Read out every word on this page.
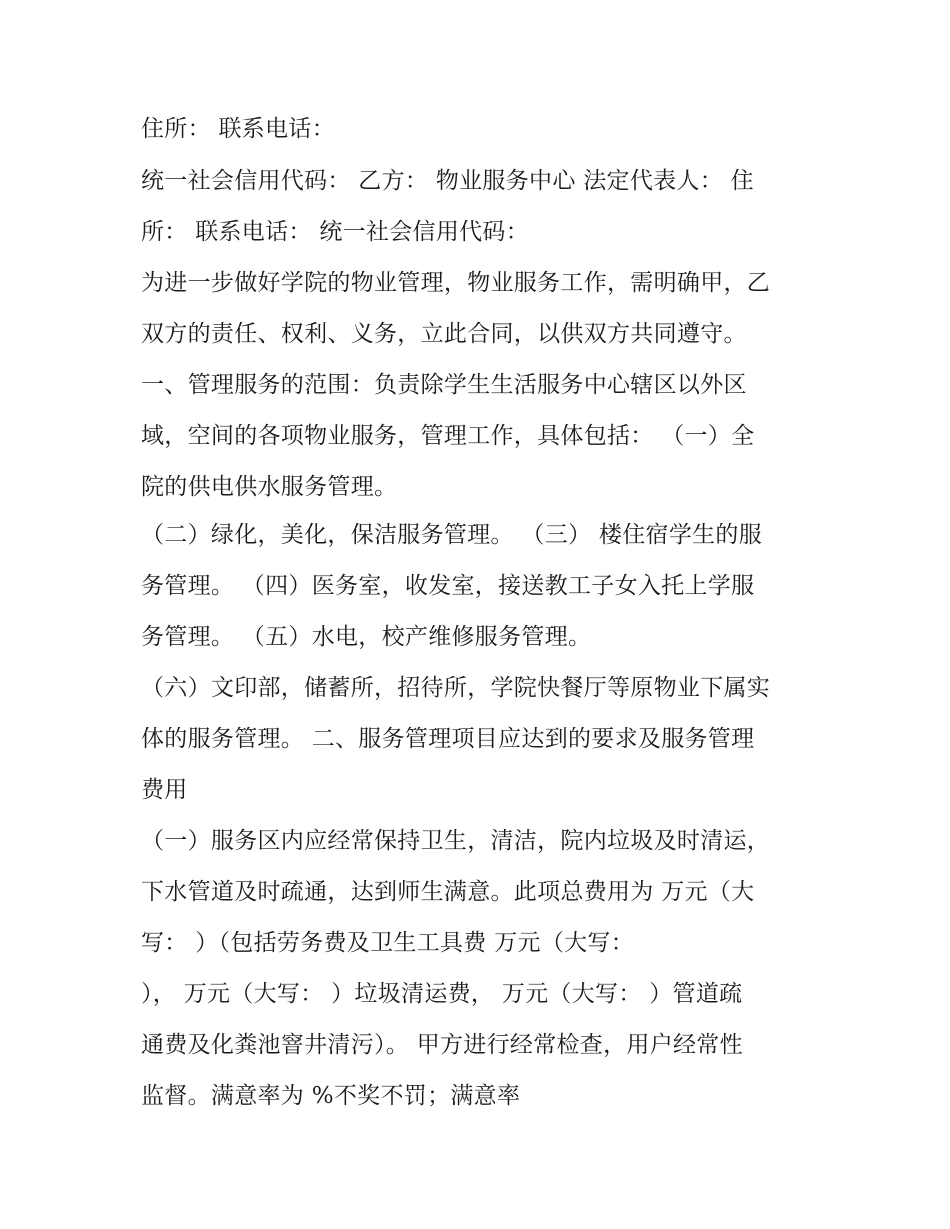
住所： 联系电话：

统一社会信用代码： 乙方： 物业服务中心 法定代表人： 住

所： 联系电话： 统一社会信用代码：

为进一步做好学院的物业管理，物业服务工作，需明确甲，乙

双方的责任、权利、义务，立此合同，以供双方共同遵守。

一、管理服务的范围：负责除学生生活服务中心辖区以外区

域，空间的各项物业服务，管理工作，具体包括： （一）全

院的供电供水服务管理。

（二）绿化，美化，保洁服务管理。 （三） 楼住宿学生的服

务管理。 （四）医务室，收发室，接送教工子女入托上学服

务管理。 （五）水电，校产维修服务管理。

（六）文印部，储蓄所，招待所，学院快餐厅等原物业下属实

体的服务管理。 二、服务管理项目应达到的要求及服务管理

费用

（一）服务区内应经常保持卫生，清洁，院内垃圾及时清运，

下水管道及时疏通，达到师生满意。此项总费用为 万元（大

写： ）（包括劳务费及卫生工具费 万元（大写：

）， 万元（大写： ）垃圾清运费， 万元（大写： ）管道疏

通费及化粪池窨井清污）。 甲方进行经常检查，用户经常性

监督。满意率为 %不奖不罚；满意率
